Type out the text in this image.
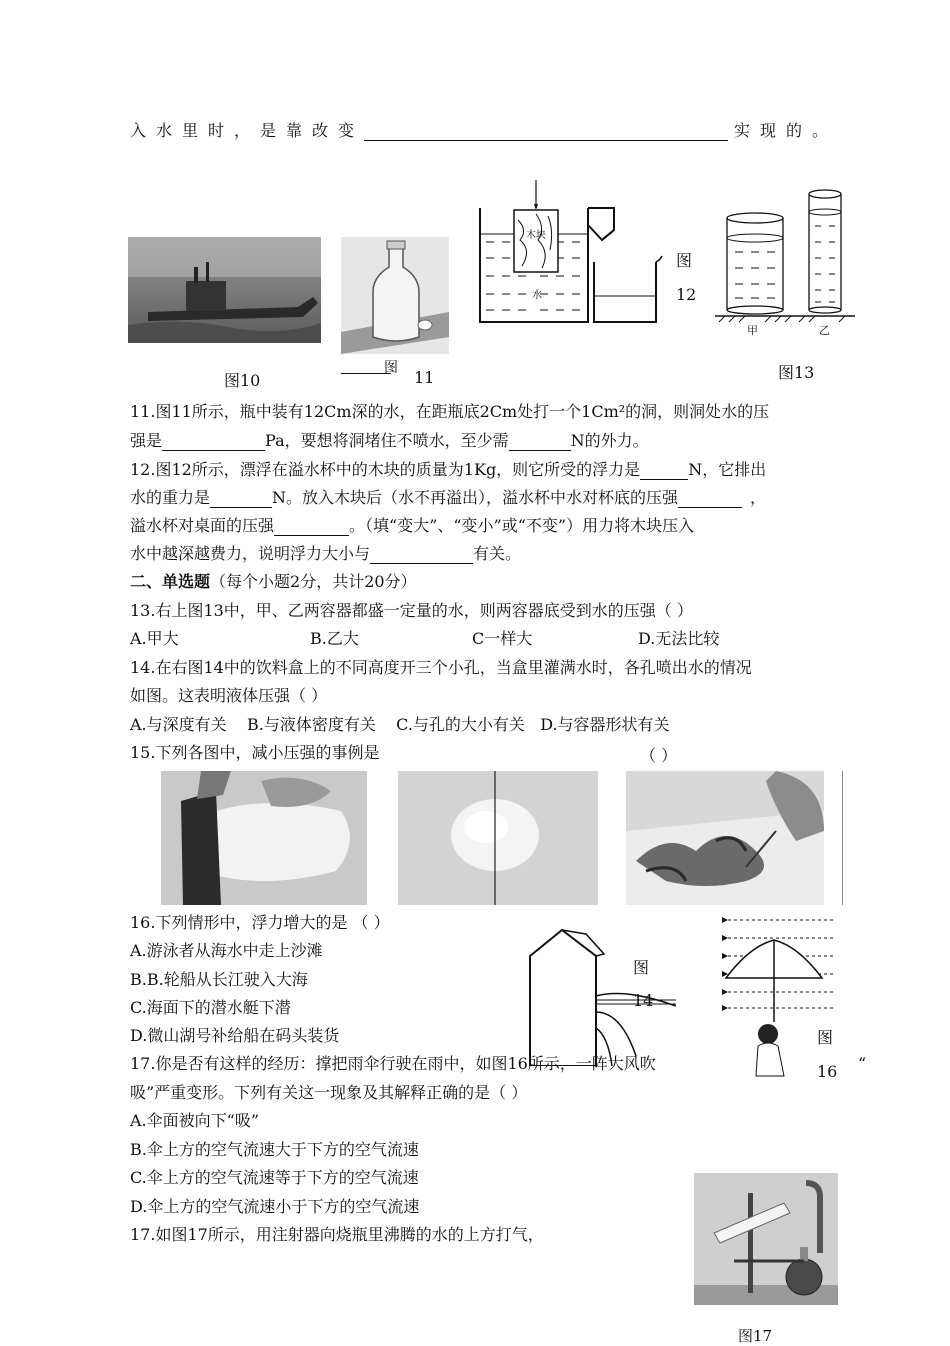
入水里时，是靠改变	实现的。
图10
图 11
木块
水
图
12
甲	乙
图13
11.图11所示，瓶中装有12Cm深的水，在距瓶底2Cm处打一个1Cm²的洞，则洞处水的压
强是	Pa，要想将洞堵住不喷水，至少需	N的外力。
12.图12所示，漂浮在溢水杯中的木块的质量为1Kg，则它所受的浮力是	N，它排出
水的重力是	N。放入木块后（水不再溢出），溢水杯中水对杯底的压强	，
溢水杯对桌面的压强	。（填“变大”、“变小”或“不变”）用力将木块压入
水中越深越费力，说明浮力大小与	有关。
二、单选题（每个小题2分，共计20分）
13.右上图13中，甲、乙两容器都盛一定量的水，则两容器底受到水的压强（ ）
A.甲大	B.乙大	C一样大	D.无法比较
14.在右图14中的饮料盒上的不同高度开三个小孔，当盒里灌满水时，各孔喷出水的情况
如图。这表明液体压强（ ）
A.与深度有关    B.与液体密度有关    C.与孔的大小有关   D.与容器形状有关
15.下列各图中，减小压强的事例是	（ ）
16.下列情形中，浮力增大的是 （ ）
A.游泳者从海水中走上沙滩
B.B.轮船从长江驶入大海
C.海面下的潜水艇下潜
D.微山湖号补给船在码头装货
图
14
图
16
17.你是否有这样的经历：撑把雨伞行驶在雨中，如图16所示，一阵大风吹	“
吸”严重变形。下列有关这一现象及其解释正确的是（ ）
A.伞面被向下“吸”
B.伞上方的空气流速大于下方的空气流速
C.伞上方的空气流速等于下方的空气流速
D.伞上方的空气流速小于下方的空气流速
17.如图17所示，用注射器向烧瓶里沸腾的水的上方打气，
图17
